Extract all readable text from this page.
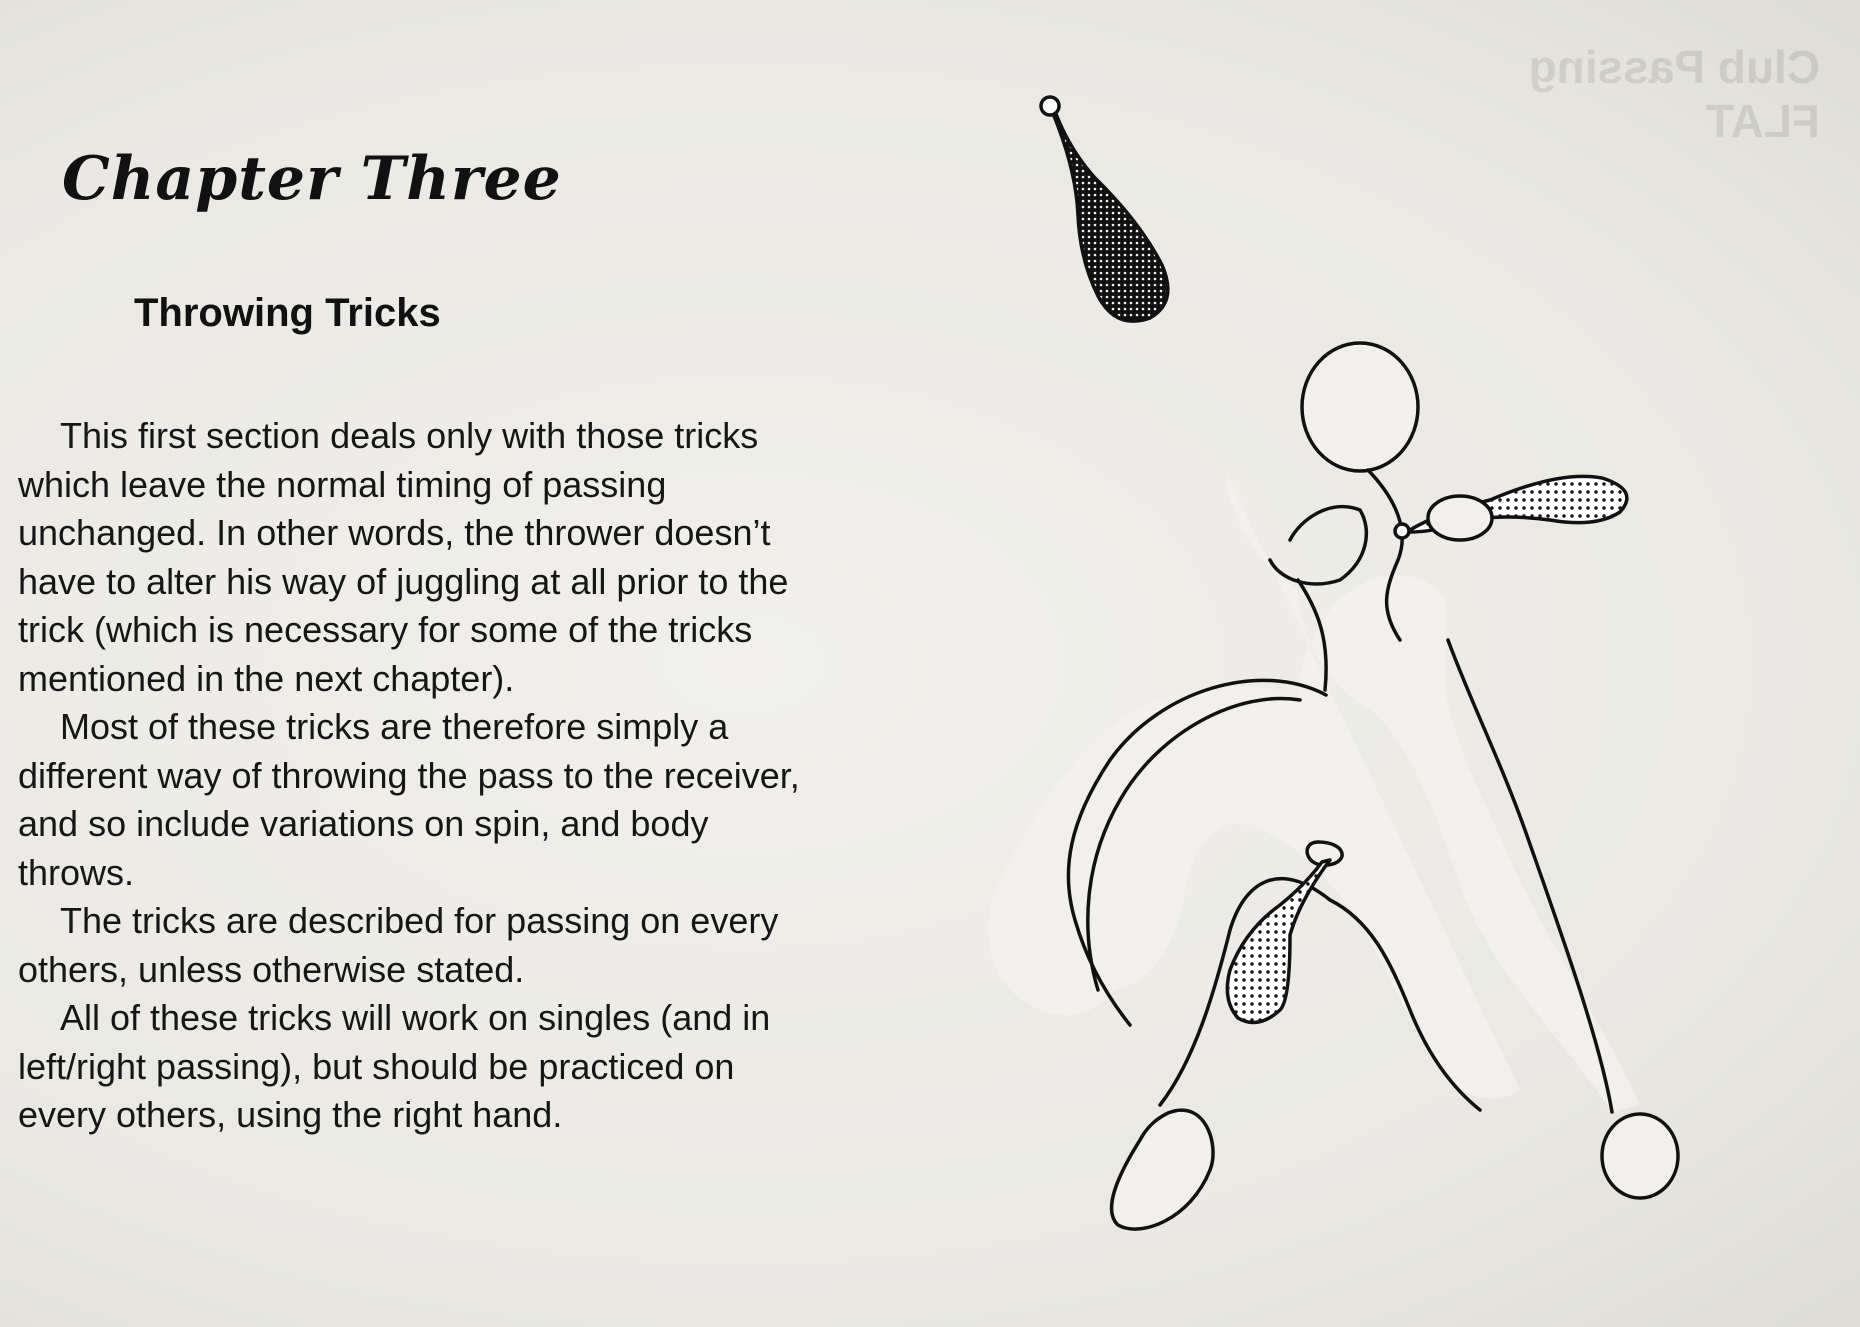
Club Passing
FLAT
Chapter Three
Throwing Tricks

This first section deals only with those tricks which leave the normal timing of passing unchanged. In other words, the thrower doesn’t have to alter his way of juggling at all prior to the trick (which is necessary for some of the tricks mentioned in the next chapter).

Most of these tricks are therefore simply a different way of throwing the pass to the receiver, and so include variations on spin, and body throws.

The tricks are described for passing on every others, unless otherwise stated.

All of these tricks will work on singles (and in left/right passing), but should be practiced on every others, using the right hand.
